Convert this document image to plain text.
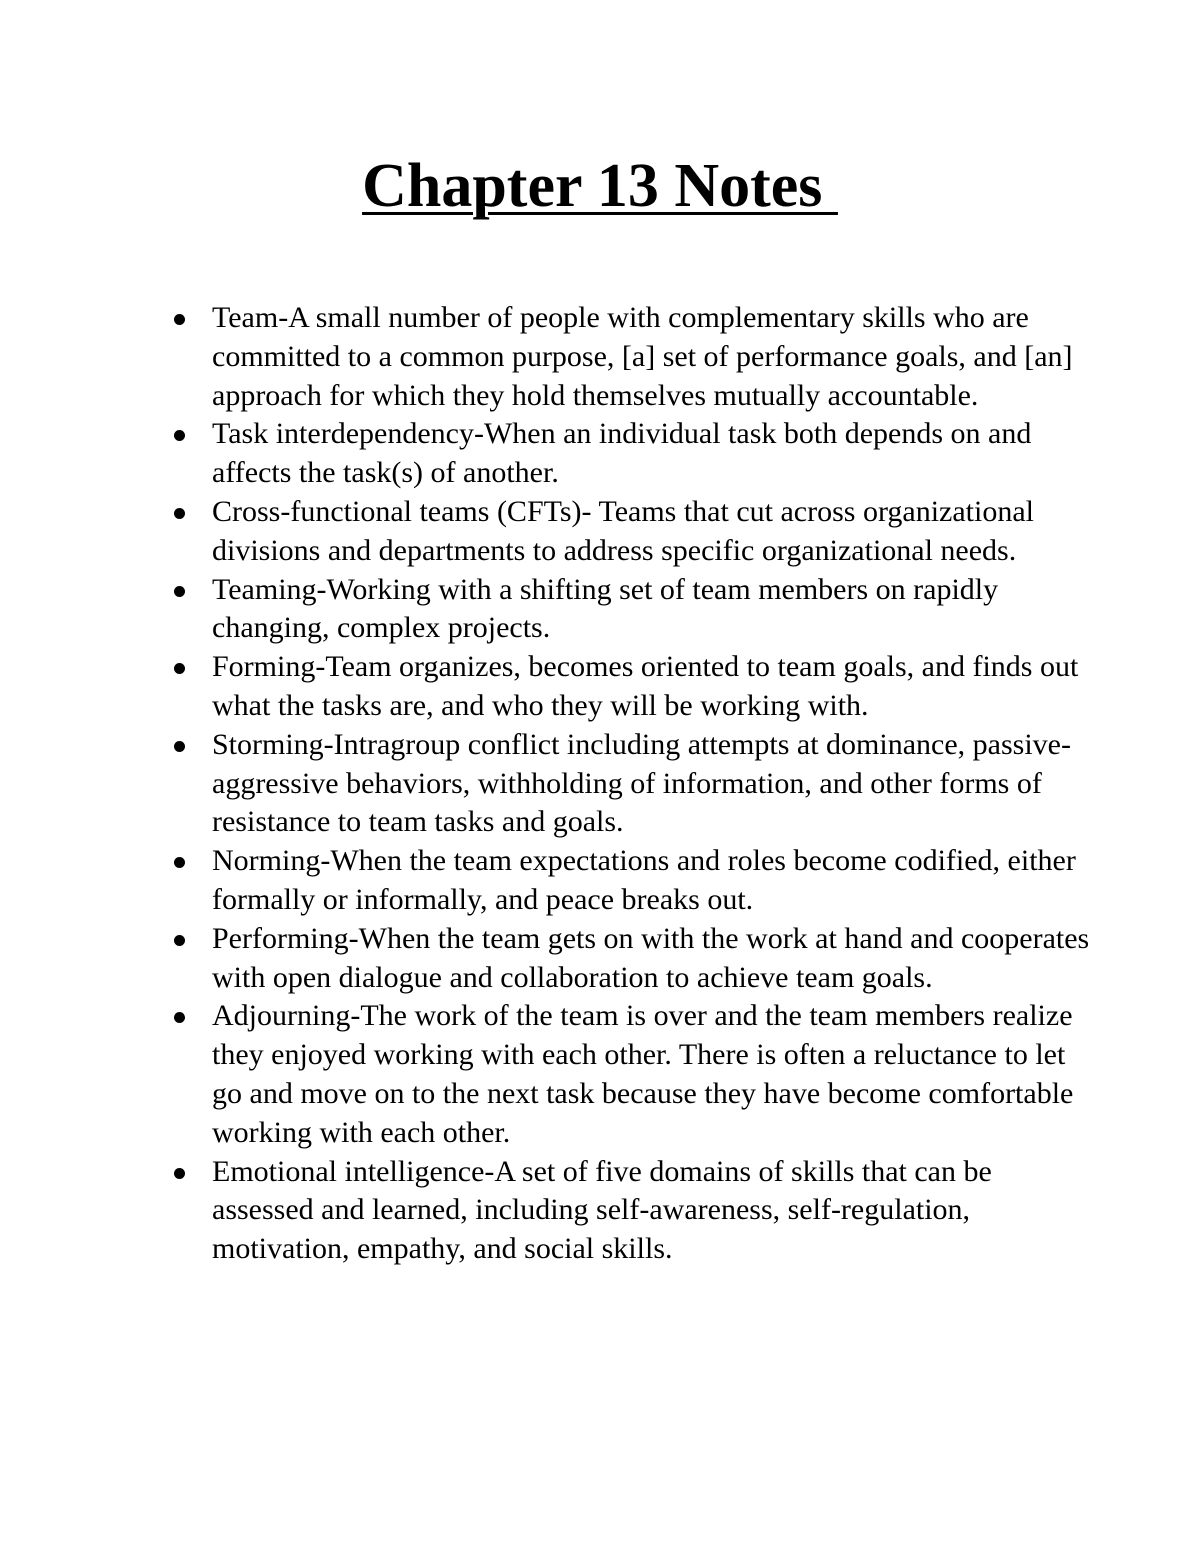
Chapter 13 Notes
Team-A small number of people with complementary skills who are committed to a common purpose, [a] set of performance goals, and [an] approach for which they hold themselves mutually accountable.
Task interdependency-When an individual task both depends on and affects the task(s) of another.
Cross-functional teams (CFTs)- Teams that cut across organizational divisions and departments to address specific organizational needs.
Teaming-Working with a shifting set of team members on rapidly changing, complex projects.
Forming-Team organizes, becomes oriented to team goals, and finds out what the tasks are, and who they will be working with.
Storming-Intragroup conflict including attempts at dominance, passive-aggressive behaviors, withholding of information, and other forms of resistance to team tasks and goals.
Norming-When the team expectations and roles become codified, either formally or informally, and peace breaks out.
Performing-When the team gets on with the work at hand and cooperates with open dialogue and collaboration to achieve team goals.
Adjourning-The work of the team is over and the team members realize they enjoyed working with each other. There is often a reluctance to let go and move on to the next task because they have become comfortable working with each other.
Emotional intelligence-A set of five domains of skills that can be assessed and learned, including self-awareness, self-regulation, motivation, empathy, and social skills.
